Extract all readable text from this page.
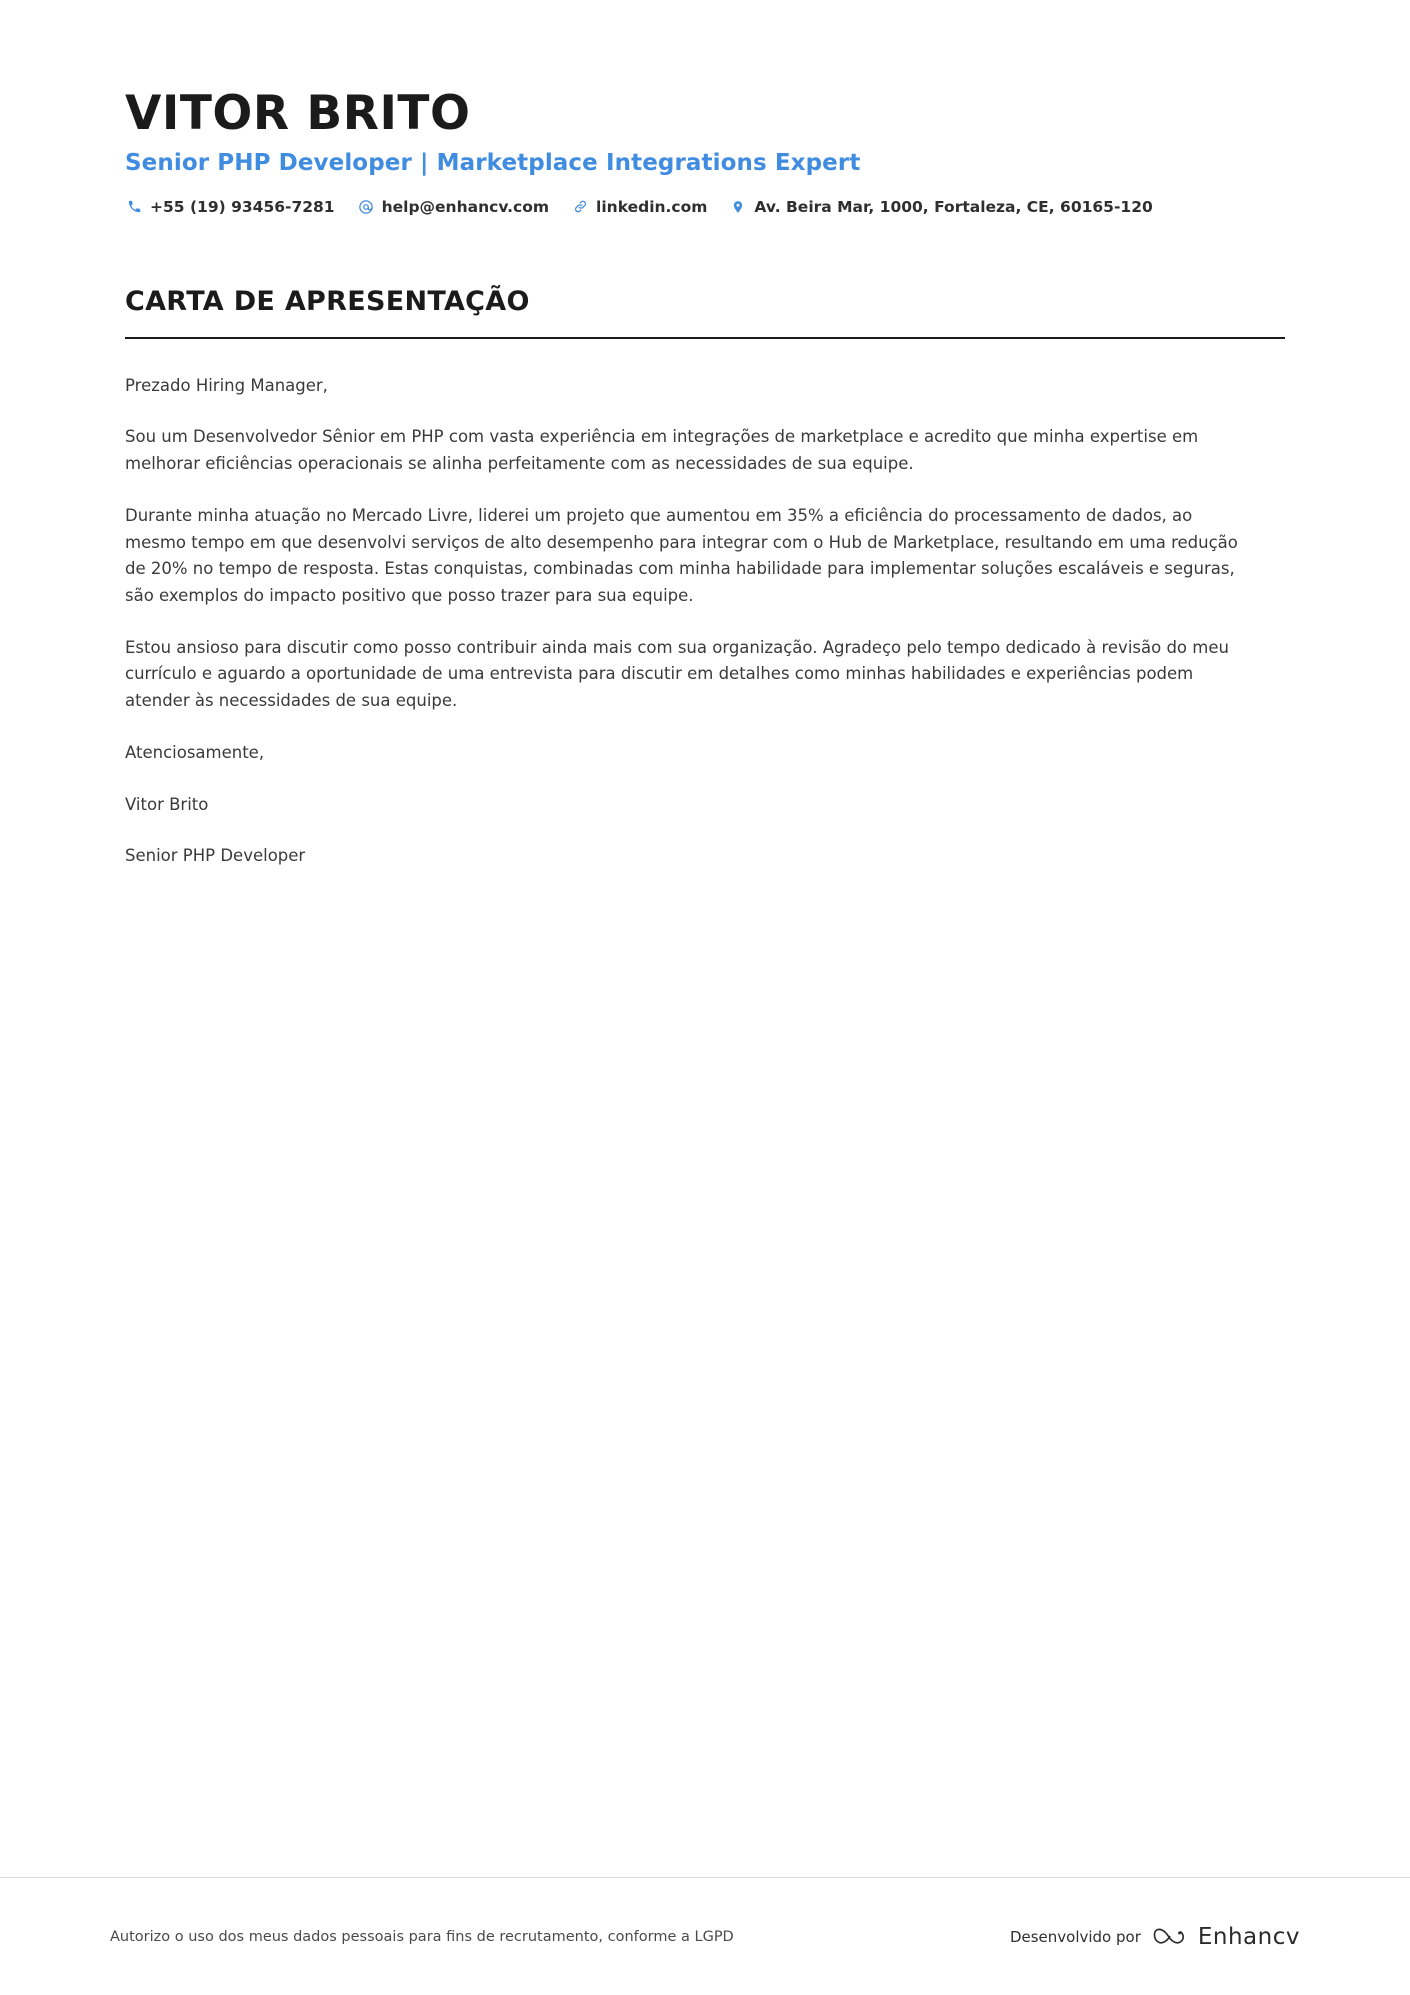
VITOR BRITO
Senior PHP Developer | Marketplace Integrations Expert
+55 (19) 93456-7281	help@enhancv.com	linkedin.com	Av. Beira Mar, 1000, Fortaleza, CE, 60165-120
CARTA DE APRESENTAÇÃO

Prezado Hiring Manager,

Sou um Desenvolvedor Sênior em PHP com vasta experiência em integrações de marketplace e acredito que minha expertise em melhorar eficiências operacionais se alinha perfeitamente com as necessidades de sua equipe.

Durante minha atuação no Mercado Livre, liderei um projeto que aumentou em 35% a eficiência do processamento de dados, ao mesmo tempo em que desenvolvi serviços de alto desempenho para integrar com o Hub de Marketplace, resultando em uma redução de 20% no tempo de resposta. Estas conquistas, combinadas com minha habilidade para implementar soluções escaláveis e seguras, são exemplos do impacto positivo que posso trazer para sua equipe.

Estou ansioso para discutir como posso contribuir ainda mais com sua organização. Agradeço pelo tempo dedicado à revisão do meu currículo e aguardo a oportunidade de uma entrevista para discutir em detalhes como minhas habilidades e experiências podem atender às necessidades de sua equipe.

Atenciosamente,

Vitor Brito

Senior PHP Developer

Autorizo o uso dos meus dados pessoais para fins de recrutamento, conforme a LGPD	Desenvolvido por Enhancv
